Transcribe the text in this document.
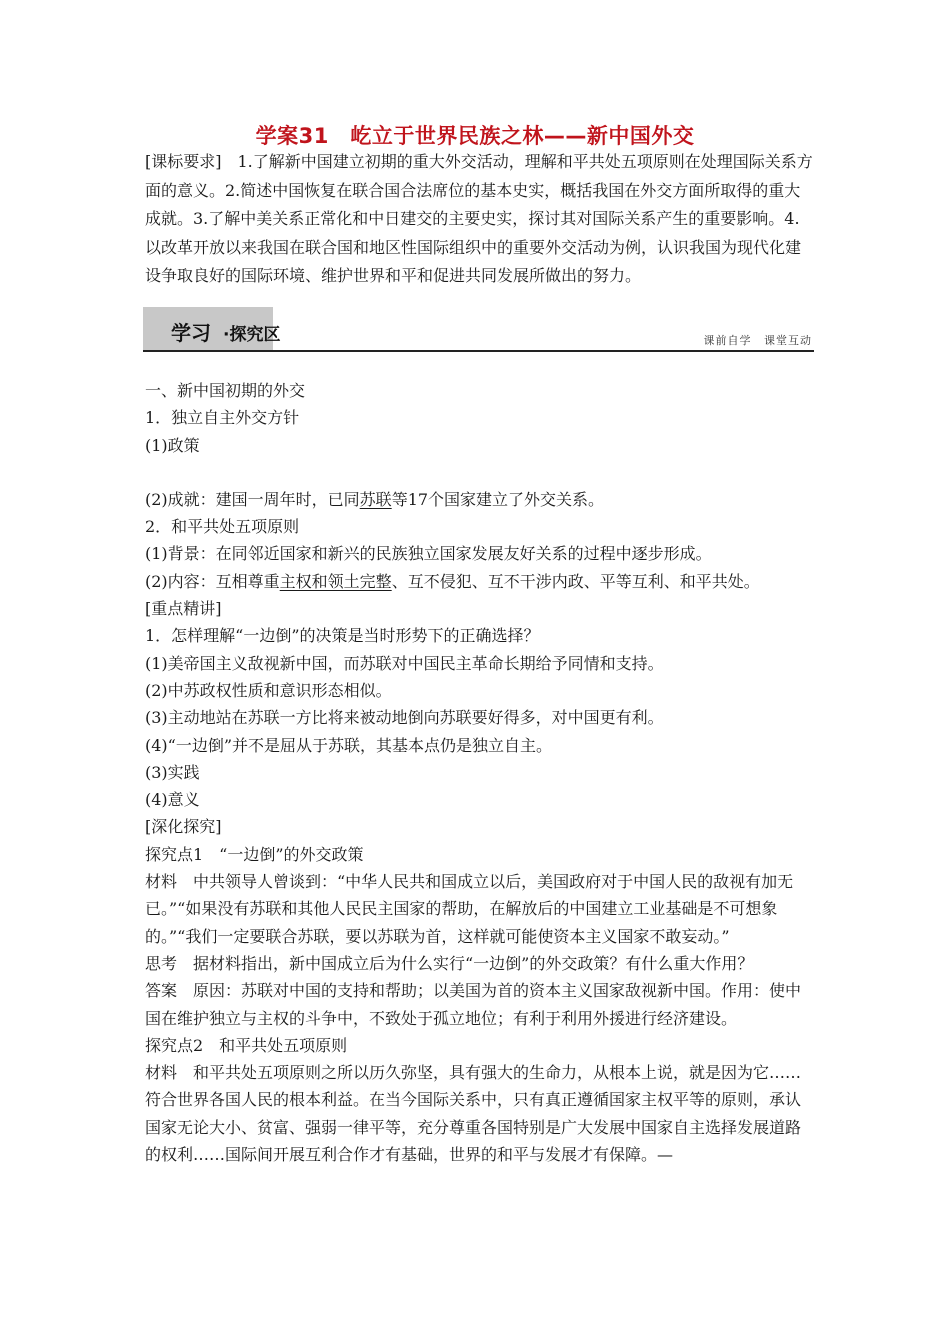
学案31　屹立于世界民族之林——新中国外交
[课标要求]　1.了解新中国建立初期的重大外交活动，理解和平共处五项原则在处理国际关系方面的意义。2.简述中国恢复在联合国合法席位的基本史实，概括我国在外交方面所取得的重大成就。3.了解中美关系正常化和中日建交的主要史实，探讨其对国际关系产生的重要影响。4.以改革开放以来我国在联合国和地区性国际组织中的重要外交活动为例，认识我国为现代化建设争取良好的国际环境、维护世界和平和促进共同发展所做出的努力。
学习 ·探究区	课前自学 课堂互动

一、新中国初期的外交

1．独立自主外交方针

(1)政策

(2)成就：建国一周年时，已同苏联等17个国家建立了外交关系。

2．和平共处五项原则

(1)背景：在同邻近国家和新兴的民族独立国家发展友好关系的过程中逐步形成。

(2)内容：互相尊重主权和领土完整、互不侵犯、互不干涉内政、平等互利、和平共处。

[重点精讲]

1．怎样理解“一边倒”的决策是当时形势下的正确选择？

(1)美帝国主义敌视新中国，而苏联对中国民主革命长期给予同情和支持。

(2)中苏政权性质和意识形态相似。

(3)主动地站在苏联一方比将来被动地倒向苏联要好得多，对中国更有利。

(4)“一边倒”并不是屈从于苏联，其基本点仍是独立自主。

(3)实践

(4)意义

[深化探究]

探究点1　“一边倒”的外交政策

材料　中共领导人曾谈到：“中华人民共和国成立以后，美国政府对于中国人民的敌视有加无已。”“如果没有苏联和其他人民民主国家的帮助，在解放后的中国建立工业基础是不可想象的。”“我们一定要联合苏联，要以苏联为首，这样就可能使资本主义国家不敢妄动。”

思考　据材料指出，新中国成立后为什么实行“一边倒”的外交政策？有什么重大作用？

答案　原因：苏联对中国的支持和帮助；以美国为首的资本主义国家敌视新中国。作用：使中国在维护独立与主权的斗争中，不致处于孤立地位；有利于利用外援进行经济建设。

探究点2　和平共处五项原则

材料　和平共处五项原则之所以历久弥坚，具有强大的生命力，从根本上说，就是因为它……符合世界各国人民的根本利益。在当今国际关系中，只有真正遵循国家主权平等的原则，承认国家无论大小、贫富、强弱一律平等，充分尊重各国特别是广大发展中国家自主选择发展道路的权利……国际间开展互利合作才有基础，世界的和平与发展才有保障。—
